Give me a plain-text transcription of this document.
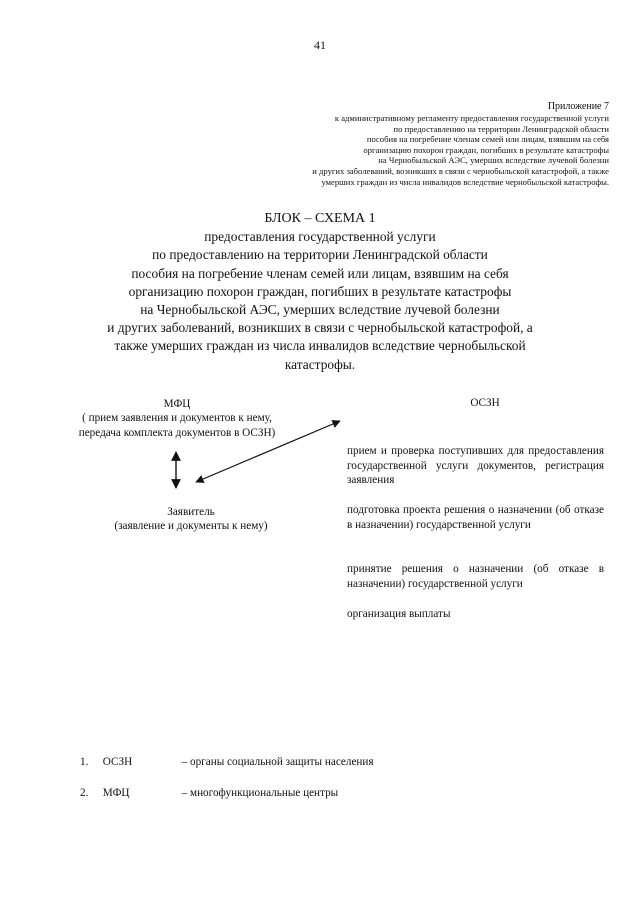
41
Приложение 7
к административному регламенту предоставления государственной услуги
по предоставлению на территории Ленинградской области
пособия на погребение членам семей или лицам, взявшим на себя
организацию похорон граждан, погибших в результате катастрофы
на Чернобыльской АЭС, умерших вследствие лучевой болезни
и других заболеваний, возникших в связи с чернобыльской катастрофой, а также
умерших граждан из числа инвалидов вследствие чернобыльской катастрофы.
БЛОК – СХЕМА 1
предоставления государственной услуги
по предоставлению на территории Ленинградской области
пособия на погребение членам семей или лицам, взявшим на себя
организацию похорон граждан, погибших в результате катастрофы
на Чернобыльской АЭС, умерших вследствие лучевой болезни
и других заболеваний, возникших в связи с чернобыльской катастрофой, а
также умерших граждан из числа инвалидов вследствие чернобыльской
катастрофы.
МФЦ
( прием заявления и документов к нему,
передача комплекта документов в ОСЗН)
Заявитель
(заявление и документы к нему)
ОСЗН
прием и проверка поступивших для предоставления государственной услуги документов, регистрация заявления
подготовка проекта решения о назначении (об отказе в назначении) государственной услуги
принятие решения о назначении (об отказе в назначении) государственной услуги
организация выплаты
1. ОСЗН	– органы социальной защиты населения
2. МФЦ	– многофункциональные центры
